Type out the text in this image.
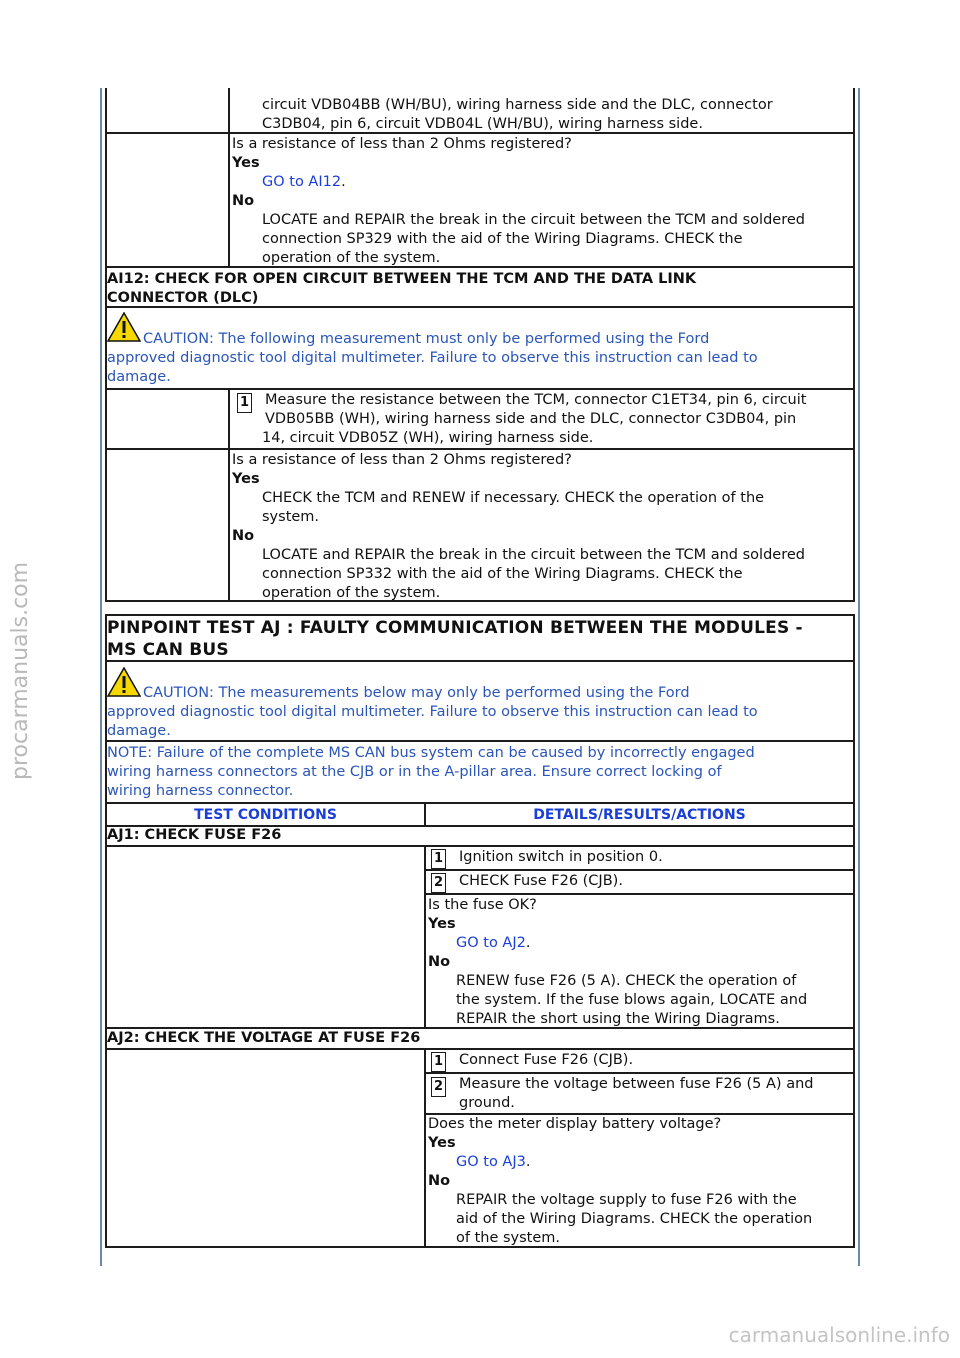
circuit VDB04BB (WH/BU), wiring harness side and the DLC, connector
C3DB04, pin 6, circuit VDB04L (WH/BU), wiring harness side.
Is a resistance of less than 2 Ohms registered?
Yes
GO to AI12.
No
LOCATE and REPAIR the break in the circuit between the TCM and soldered
connection SP329 with the aid of the Wiring Diagrams. CHECK the
operation of the system.
AI12: CHECK FOR OPEN CIRCUIT BETWEEN THE TCM AND THE DATA LINK
CONNECTOR (DLC)
CAUTION: The following measurement must only be performed using the Ford
approved diagnostic tool digital multimeter. Failure to observe this instruction can lead to
damage.
1 Measure the resistance between the TCM, connector C1ET34, pin 6, circuit
VDB05BB (WH), wiring harness side and the DLC, connector C3DB04, pin
14, circuit VDB05Z (WH), wiring harness side.
Is a resistance of less than 2 Ohms registered?
Yes
CHECK the TCM and RENEW if necessary. CHECK the operation of the
system.
No
LOCATE and REPAIR the break in the circuit between the TCM and soldered
connection SP332 with the aid of the Wiring Diagrams. CHECK the
operation of the system.
PINPOINT TEST AJ : FAULTY COMMUNICATION BETWEEN THE MODULES -
MS CAN BUS
CAUTION: The measurements below may only be performed using the Ford
approved diagnostic tool digital multimeter. Failure to observe this instruction can lead to
damage.
NOTE: Failure of the complete MS CAN bus system can be caused by incorrectly engaged
wiring harness connectors at the CJB or in the A-pillar area. Ensure correct locking of
wiring harness connector.
TEST CONDITIONS	DETAILS/RESULTS/ACTIONS
AJ1: CHECK FUSE F26
1 Ignition switch in position 0.
2 CHECK Fuse F26 (CJB).
Is the fuse OK?
Yes
GO to AJ2.
No
RENEW fuse F26 (5 A). CHECK the operation of
the system. If the fuse blows again, LOCATE and
REPAIR the short using the Wiring Diagrams.
AJ2: CHECK THE VOLTAGE AT FUSE F26
1 Connect Fuse F26 (CJB).
2 Measure the voltage between fuse F26 (5 A) and
ground.
Does the meter display battery voltage?
Yes
GO to AJ3.
No
REPAIR the voltage supply to fuse F26 with the
aid of the Wiring Diagrams. CHECK the operation
of the system.
procarmanuals.com
carmanualsonline.info
